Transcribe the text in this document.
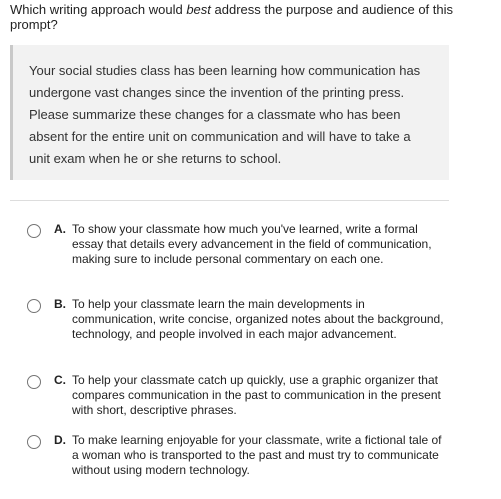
Which writing approach would best address the purpose and audience of this prompt?
Your social studies class has been learning how communication has undergone vast changes since the invention of the printing press. Please summarize these changes for a classmate who has been absent for the entire unit on communication and will have to take a unit exam when he or she returns to school.
A. To show your classmate how much you've learned, write a formal essay that details every advancement in the field of communication, making sure to include personal commentary on each one.
B. To help your classmate learn the main developments in communication, write concise, organized notes about the background, technology, and people involved in each major advancement.
C. To help your classmate catch up quickly, use a graphic organizer that compares communication in the past to communication in the present with short, descriptive phrases.
D. To make learning enjoyable for your classmate, write a fictional tale of a woman who is transported to the past and must try to communicate without using modern technology.
